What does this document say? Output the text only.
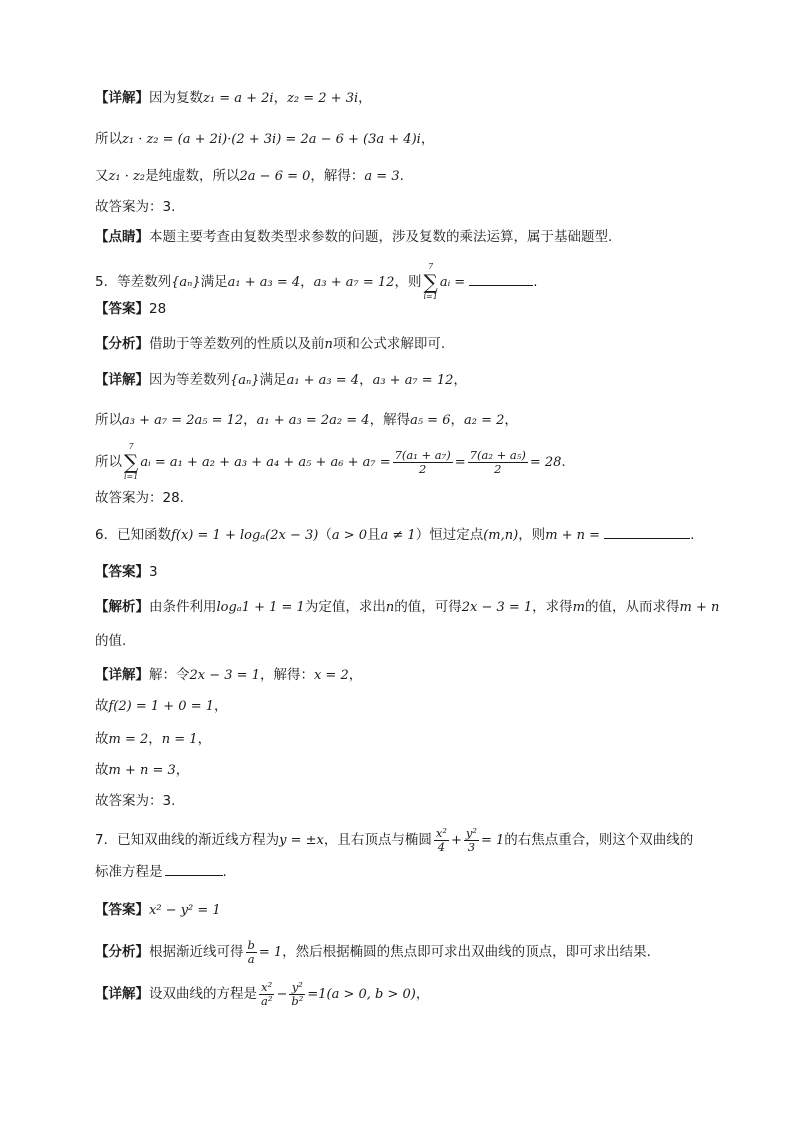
【详解】因为复数z₁ = a + 2i，z₂ = 2 + 3i，
所以z₁ · z₂ = (a + 2i)·(2 + 3i) = 2a − 6 + (3a + 4)i，
又z₁ · z₂是纯虚数，所以2a − 6 = 0，解得：a = 3.
故答案为：3.
【点睛】本题主要考查由复数类型求参数的问题，涉及复数的乘法运算，属于基础题型.
5．等差数列{aₙ}满足a₁ + a₃ = 4，a₃ + a₇ = 12，则
7
∑
i=1
aᵢ =	.
【答案】28
【分析】借助于等差数列的性质以及前n项和公式求解即可.
【详解】因为等差数列{aₙ}满足a₁ + a₃ = 4，a₃ + a₇ = 12，
所以a₃ + a₇ = 2a₅ = 12，a₁ + a₃ = 2a₂ = 4，解得a₅ = 6，a₂ = 2，
所以
7
∑
i=1
aᵢ = $a_1 + a_2 + a_3 + a_4 + a_5 + a_6 + a_7 = \frac{\text{7(a₁ + a₇)}}{2} = \frac{\text{7(a₂ + a₅)}}{2} = 28$.
故答案为：28.
6．已知函数f(x) = 1 + logₐ(2x − 3)（a > 0且a ≠ 1）恒过定点(m,n)，则m + n =	.
【答案】3
【解析】由条件利用logₐ1 + 1 = 1为定值，求出n的值，可得2x − 3 = 1，求得m的值，从而求得m + n
的值.
【详解】解：令2x − 3 = 1，解得：x = 2，
故f(2) = 1 + 0 = 1，
故m = 2，n = 1，
故m + n = 3，
故答案为：3.
7．已知双曲线的渐近线方程为y = ±x，且右顶点与椭圆 $\frac{\text{x²}}{4} + \frac{\text{y²}}{3} = 1$的右焦点重合，则这个双曲线的
标准方程是	.
【答案】x² − y² = 1
【分析】根据渐近线可得 $\frac{b}{a} = 1$，然后根据椭圆的焦点即可求出双曲线的顶点，即可求出结果.
【详解】设双曲线的方程是 $\frac{\text{x²}}{\text{a²}} - \frac{\text{y²}}{\text{b²}} =1(a > 0$, b > 0)，
